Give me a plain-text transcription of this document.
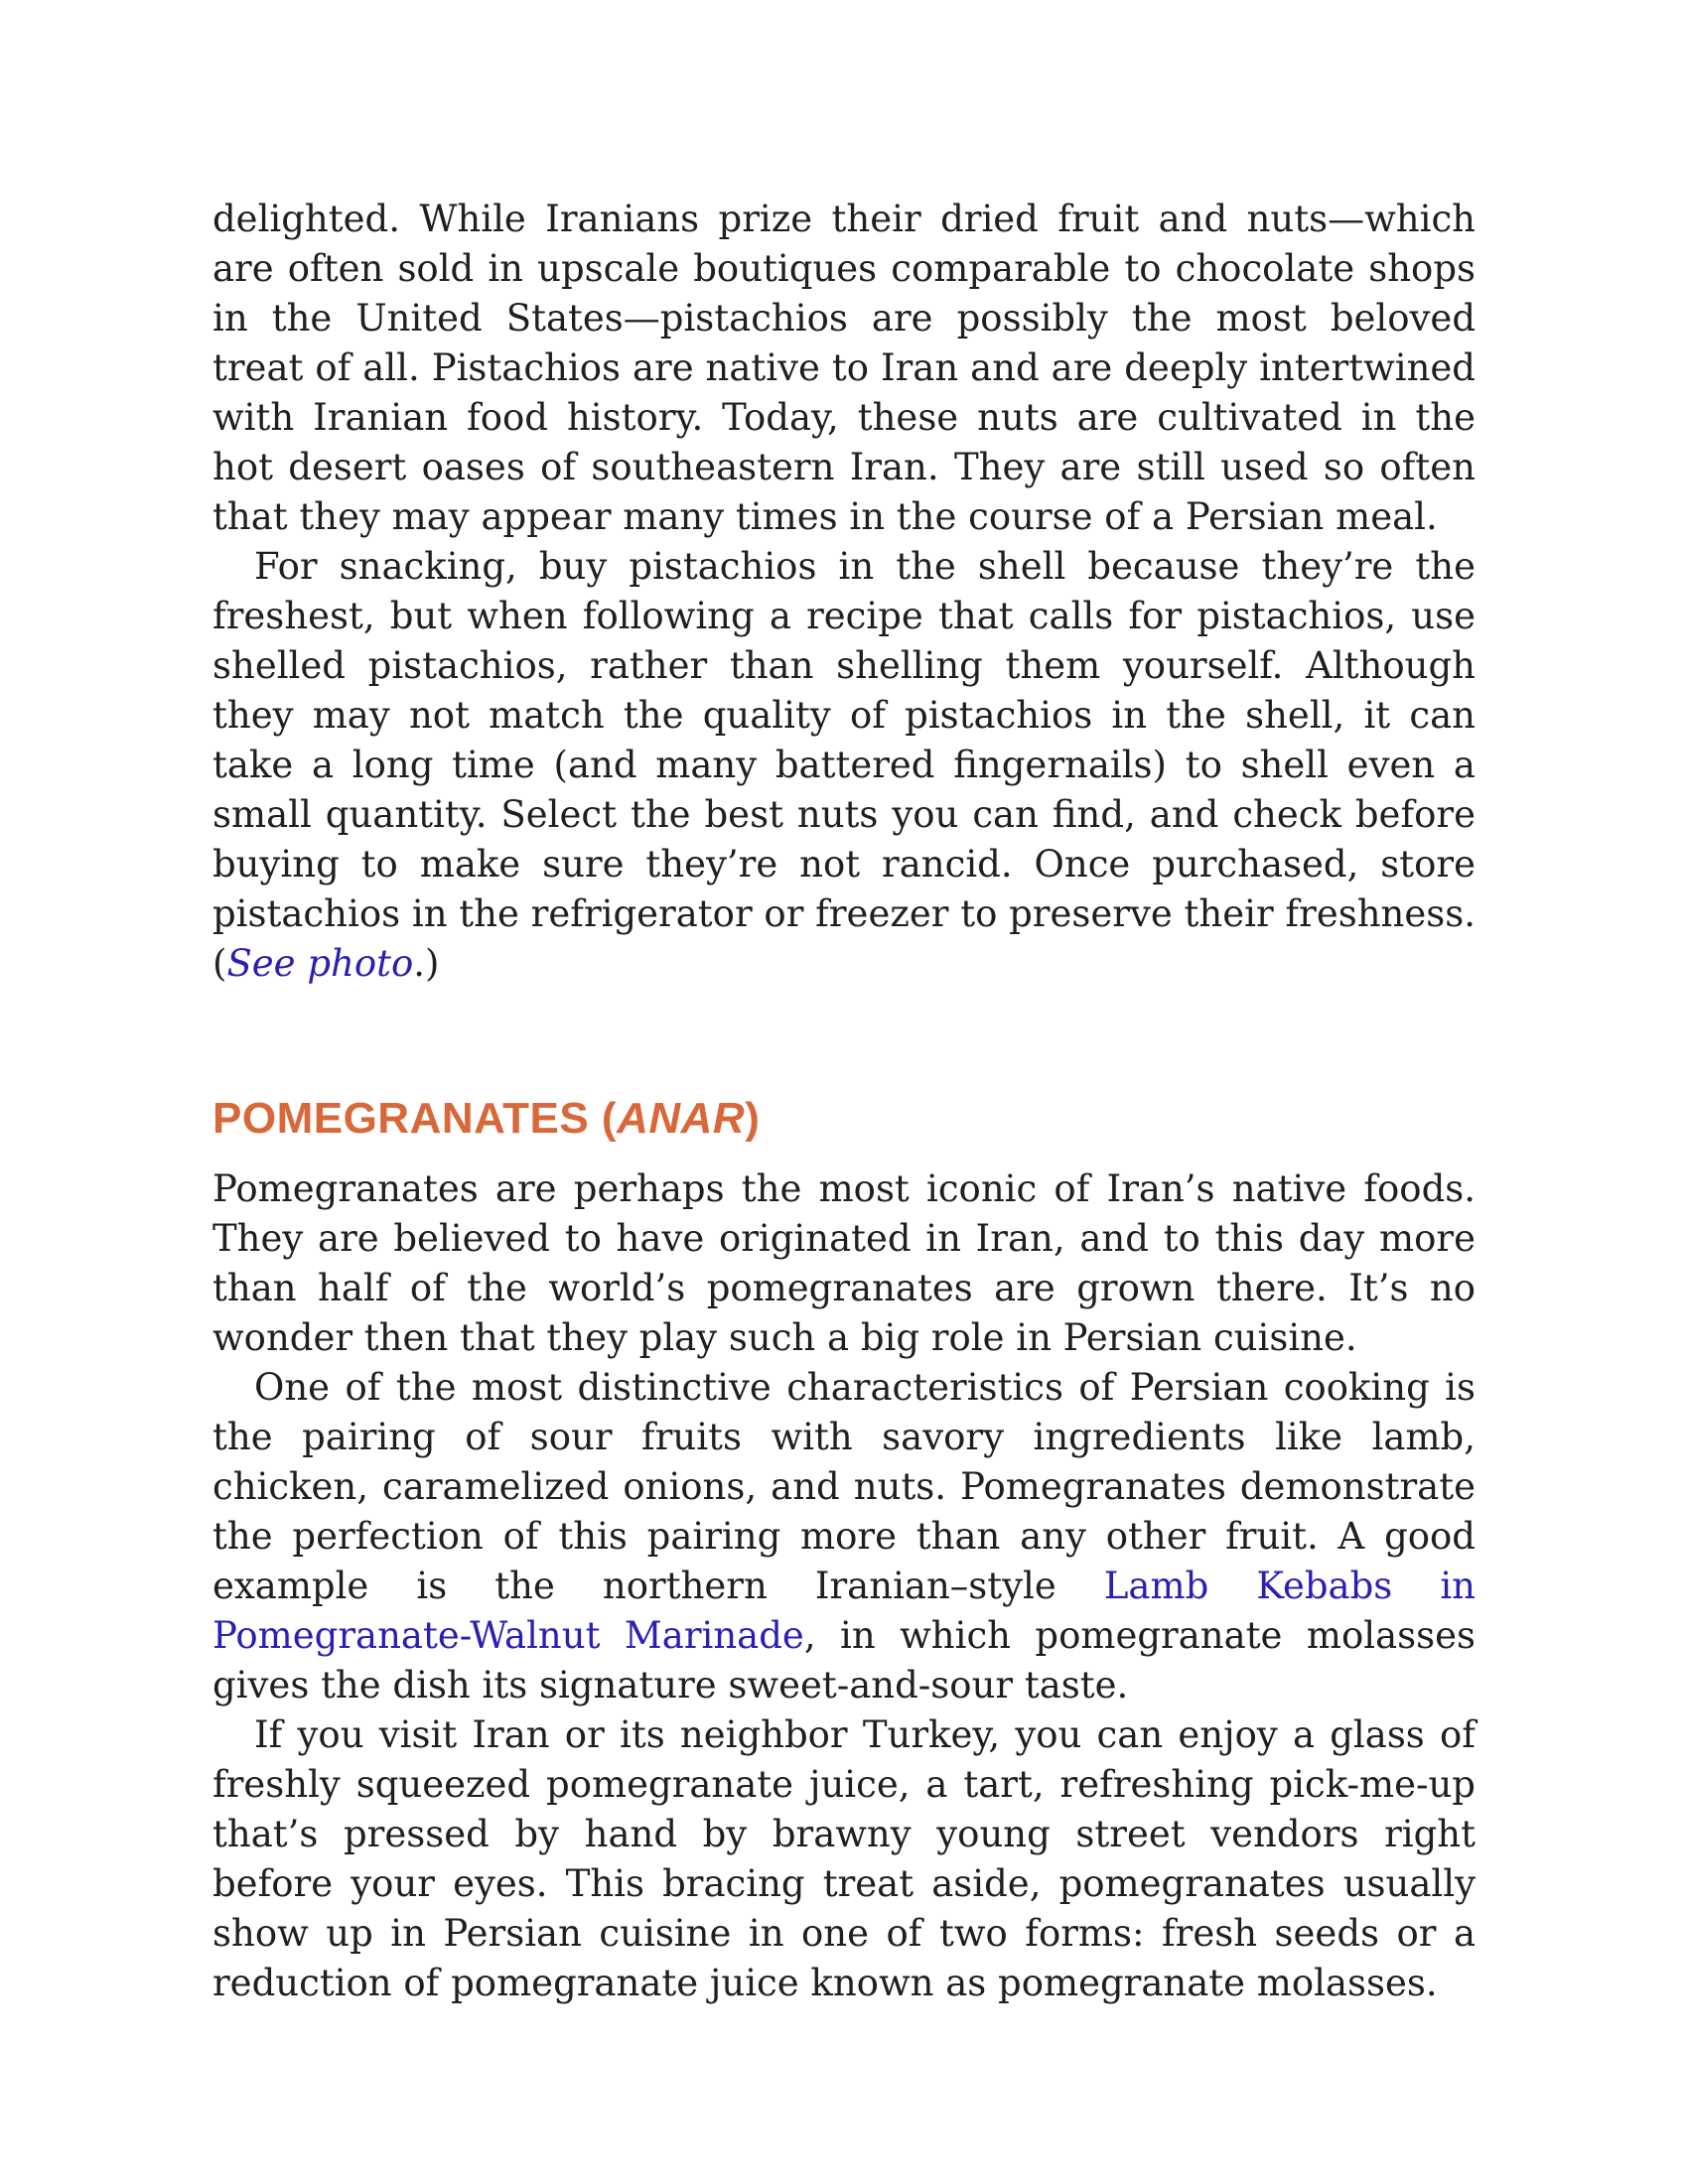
delighted. While Iranians prize their dried fruit and nuts—which are often sold in upscale boutiques comparable to chocolate shops in the United States—pistachios are possibly the most beloved treat of all. Pistachios are native to Iran and are deeply intertwined with Iranian food history. Today, these nuts are cultivated in the hot desert oases of southeastern Iran. They are still used so often that they may appear many times in the course of a Persian meal.

For snacking, buy pistachios in the shell because they’re the freshest, but when following a recipe that calls for pistachios, use shelled pistachios, rather than shelling them yourself. Although they may not match the quality of pistachios in the shell, it can take a long time (and many battered fingernails) to shell even a small quantity. Select the best nuts you can find, and check before buying to make sure they’re not rancid. Once purchased, store pistachios in the refrigerator or freezer to preserve their freshness. (See photo.)

POMEGRANATES (ANAR)

Pomegranates are perhaps the most iconic of Iran’s native foods. They are believed to have originated in Iran, and to this day more than half of the world’s pomegranates are grown there. It’s no wonder then that they play such a big role in Persian cuisine.

One of the most distinctive characteristics of Persian cooking is the pairing of sour fruits with savory ingredients like lamb, chicken, caramelized onions, and nuts. Pomegranates demonstrate the perfection of this pairing more than any other fruit. A good example is the northern Iranian–style Lamb Kebabs in Pomegranate-Walnut Marinade, in which pomegranate molasses gives the dish its signature sweet-and-sour taste.

If you visit Iran or its neighbor Turkey, you can enjoy a glass of freshly squeezed pomegranate juice, a tart, refreshing pick-me-up that’s pressed by hand by brawny young street vendors right before your eyes. This bracing treat aside, pomegranates usually show up in Persian cuisine in one of two forms: fresh seeds or a reduction of pomegranate juice known as pomegranate molasses.
